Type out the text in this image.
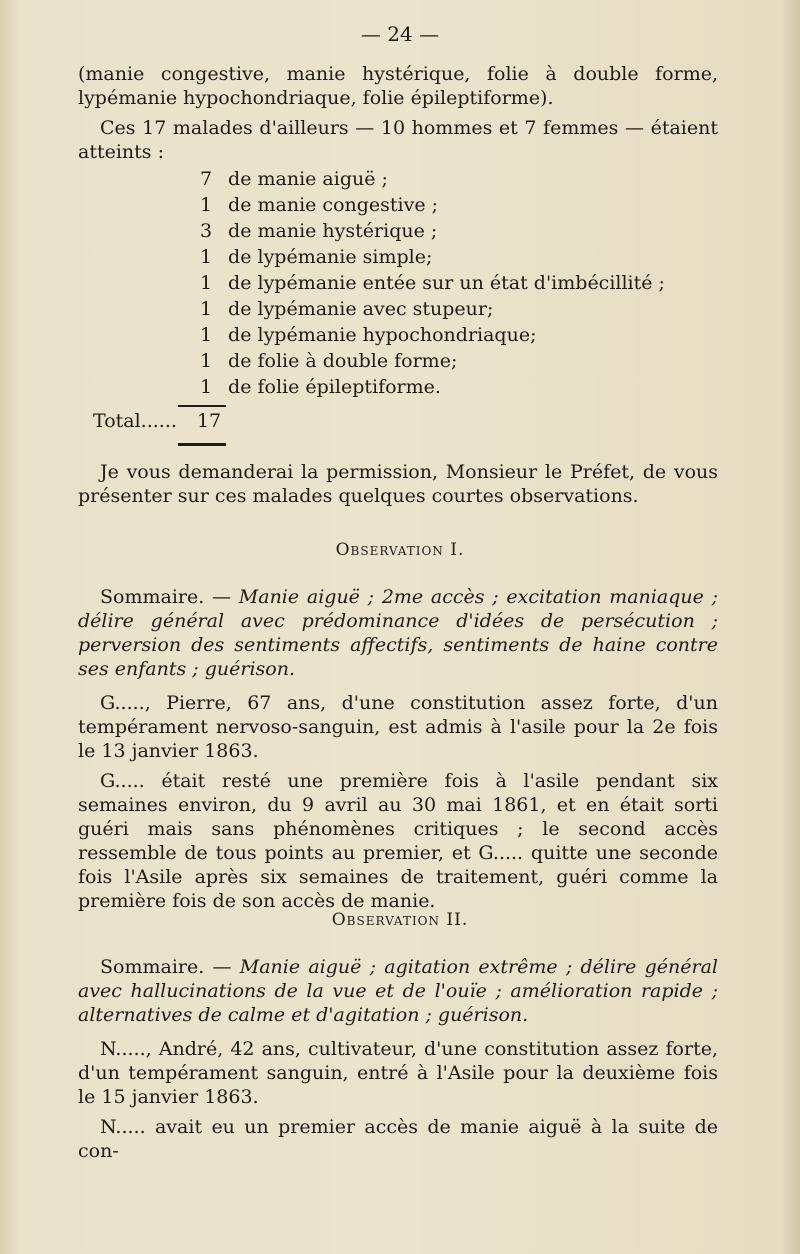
— 24 —

(manie congestive, manie hystérique, folie à double forme, lypémanie hypochondriaque, folie épileptiforme).

Ces 17 malades d'ailleurs — 10 hommes et 7 femmes — étaient atteints :

7 de manie aiguë ;
1 de manie congestive ;
3 de manie hystérique ;
1 de lypémanie simple;
1 de lypémanie entée sur un état d'imbécillité ;
1 de lypémanie avec stupeur;
1 de lypémanie hypochondriaque;
1 de folie à double forme;
1 de folie épileptiforme.
Total...... 17

Je vous demanderai la permission, Monsieur le Préfet, de vous présenter sur ces malades quelques courtes observations.

Observation I.

Sommaire. — Manie aiguë ; 2me accès ; excitation maniaque ; délire général avec prédominance d'idées de persécution ; perversion des sentiments affectifs, sentiments de haine contre ses enfants ; guérison.

G....., Pierre, 67 ans, d'une constitution assez forte, d'un tempérament nervoso-sanguin, est admis à l'asile pour la 2e fois le 13 janvier 1863.

G..... était resté une première fois à l'asile pendant six semaines environ, du 9 avril au 30 mai 1861, et en était sorti guéri mais sans phénomènes critiques ; le second accès ressemble de tous points au premier, et G..... quitte une seconde fois l'Asile après six semaines de traitement, guéri comme la première fois de son accès de manie.

Observation II.

Sommaire. — Manie aiguë ; agitation extrême ; délire général avec hallucinations de la vue et de l'ouïe ; amélioration rapide ; alternatives de calme et d'agitation ; guérison.

N....., André, 42 ans, cultivateur, d'une constitution assez forte, d'un tempérament sanguin, entré à l'Asile pour la deuxième fois le 15 janvier 1863.

N..... avait eu un premier accès de manie aiguë à la suite de con-
